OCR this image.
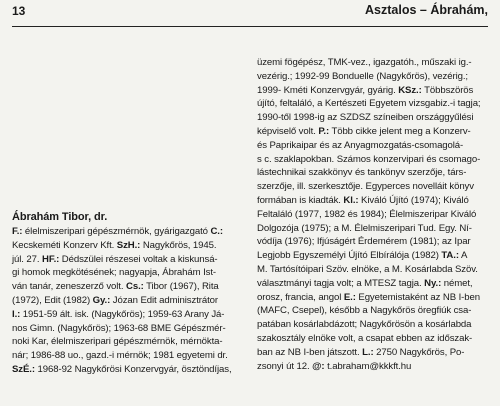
13	Asztalos – Ábrahám,
Ábrahám Tibor, dr.
F.: élelmiszeripari gépészmérnök, gyárigazgató C.:
Kecskeméti Konzerv Kft. SzH.: Nagykőrös, 1945.
júl. 27. HF.: Dédszülei részesei voltak a kiskunsá-
gi homok megkötésének; nagyapja, Ábrahám Ist-
ván tanár, zeneszerző volt. Cs.: Tibor (1967), Rita
(1972), Edit (1982) Gy.: Józan Edit adminisztrátor
I.: 1951-59 ált. isk. (Nagykőrös); 1959-63 Arany Já-
nos Gimn. (Nagykőrös); 1963-68 BME Gépészmér-
noki Kar, élelmiszeripari gépészmérnök, mérnökta-
nár; 1986-88 uo., gazd.-i mérnök; 1981 egyetemi dr.
SzÉ.: 1968-92 Nagykőrösi Konzervgyár, ösztöndíjas,
üzemi fögépész, TMK-vez., igazgatóh., műszaki ig.-
vezérig.; 1992-99 Bonduelle (Nagykőrös), vezérig.;
1999- Kméti Konzervgyár, gyárig. KSz.: Többszörös
újító, feltaláló, a Kertészeti Egyetem vizsgabiz.-i tagja;
1990-től 1998-ig az SZDSZ színeiben országgyűlési
képviselő volt. P.: Több cikke jelent meg a Konzerv-
és Paprikaipar és az Anyagmozgatás-csomagolá-
s c. szaklapokban. Számos konzervipari és csomago-
lástechnikai szakkönyv és tankönyv szerzője, társ-
szerzője, ill. szerkesztője. Egyperces novelláit könyv
formában is kiadták. Kl.: Kiváló Újító (1974); Kiváló
Feltaláló (1977, 1982 és 1984); Élelmiszeripar Kiváló
Dolgozója (1975); a M. Élelmiszeripari Tud. Egy. Ní-
vódíja (1976); Ifjúságért Érdemérem (1981); az Ipar
Legjobb Egyszemélyi Újító Elbírálója (1982) TA.: A
M. Tartósítóipari Szöv. elnöke, a M. Kosárlabda Szöv.
választmányi tagja volt; a MTESZ tagja. Ny.: német,
orosz, francia, angol E.: Egyetemistaként az NB I-ben
(MAFC, Csepel), később a Nagykőrös öregfiúk csa-
patában kosárlabdázott; Nagykőrösön a kosárlabda
szakosztály elnöke volt, a csapat ebben az időszak-
ban az NB I-ben játszott. L.: 2750 Nagykőrös, Po-
zsonyi út 12. @: t.abraham@kkkft.hu
